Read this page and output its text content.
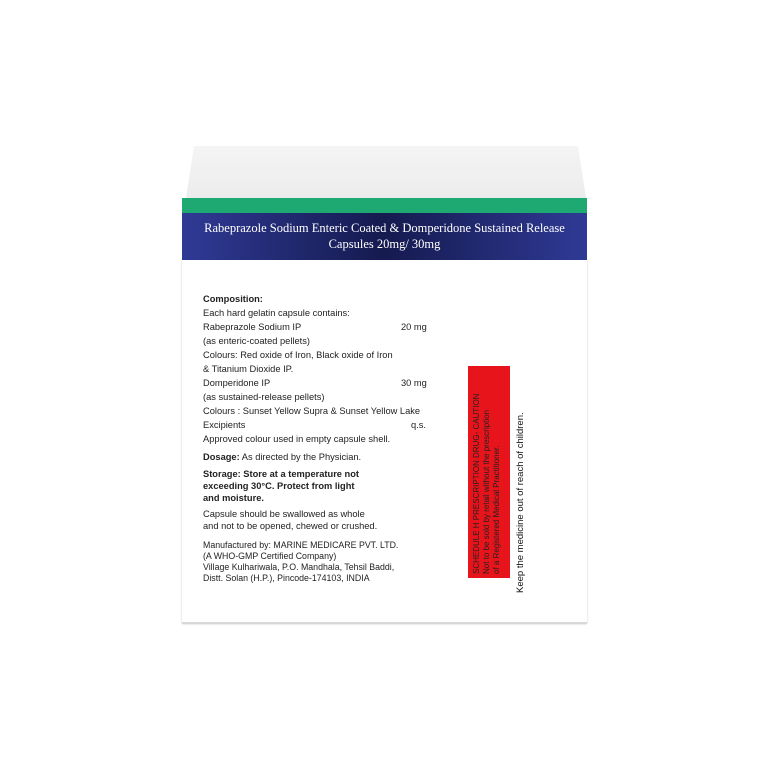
Rabeprazole Sodium Enteric Coated & Domperidone Sustained Release
Capsules 20mg/ 30mg
Composition:
Each hard gelatin capsule contains:
Rabeprazole Sodium IP	20 mg
(as enteric-coated pellets)
Colours: Red oxide of Iron, Black oxide of Iron
& Titanium Dioxide IP.
Domperidone IP	30 mg
(as sustained-release pellets)
Colours : Sunset Yellow Supra & Sunset Yellow Lake
Excipients	q.s.
Approved colour used in empty capsule shell.
Dosage: As directed by the Physician.
Storage: Store at a temperature not
exceeding 30°C. Protect from light
and moisture.
Capsule should be swallowed as whole
and not to be opened, chewed or crushed.
Manufactured by: MARINE MEDICARE PVT. LTD.
(A WHO-GMP Certified Company)
Village Kulhariwala, P.O. Mandhala, Tehsil Baddi,
Distt. Solan (H.P.), Pincode-174103, INDIA
SCHEDULE H PRESCRIPTION DRUG- CAUTION Not to be sold by retail without the prescription of a Registered Medical Practitioner. Keep the medicine out of reach of children.
